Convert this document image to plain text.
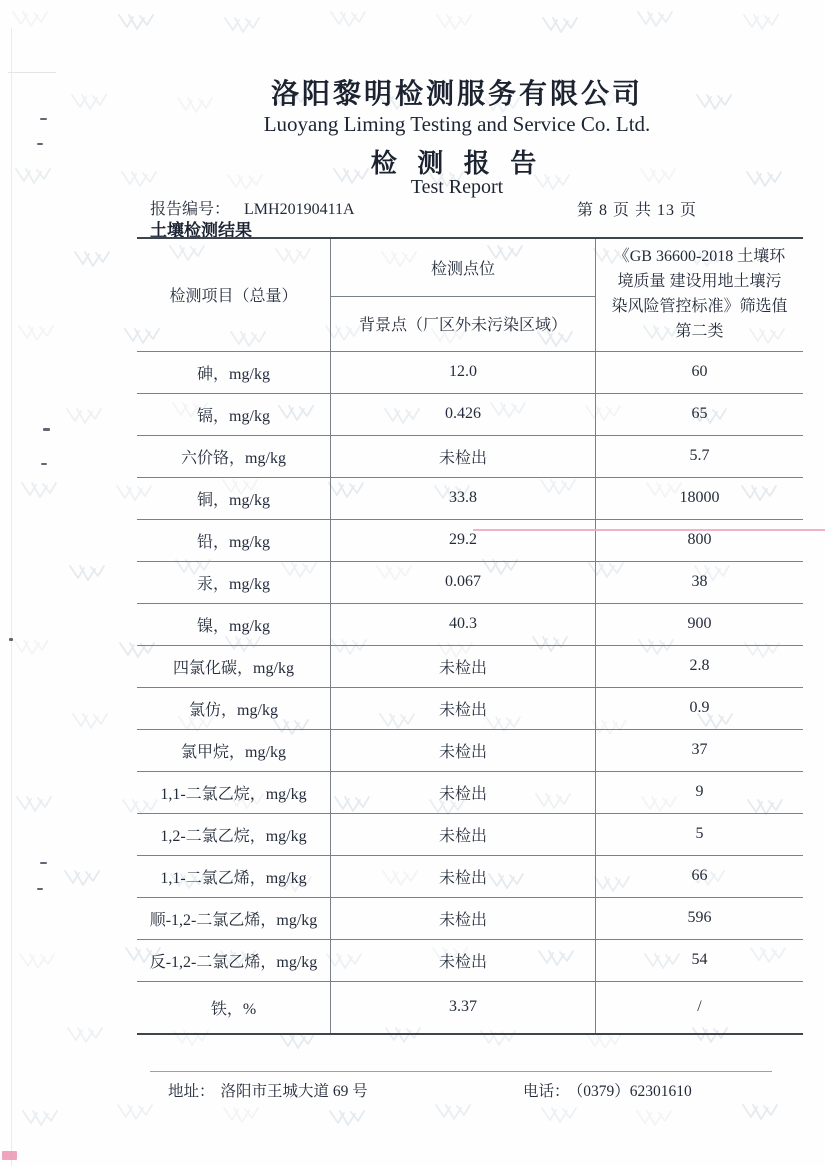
洛阳黎明检测服务有限公司
Luoyang Liming Testing and Service Co. Ltd.
检 测 报 告
Test Report
报告编号： LMH20190411A	第 8 页 共 13 页
土壤检测结果
检测项目（总量）	检测点位	《GB 36600-2018 土壤环
境质量 建设用地土壤污
染风险管控标准》筛选值
第二类

	背景点（厂区外未污染区域）	
砷，mg/kg	12.0	60
镉，mg/kg	0.426	65
六价铬，mg/kg	未检出	5.7
铜，mg/kg	33.8	18000
铅，mg/kg	29.2	800
汞，mg/kg	0.067	38
镍，mg/kg	40.3	900
四氯化碳，mg/kg	未检出	2.8
氯仿，mg/kg	未检出	0.9
氯甲烷，mg/kg	未检出	37
1,1-二氯乙烷，mg/kg	未检出	9
1,2-二氯乙烷，mg/kg	未检出	5
1,1-二氯乙烯，mg/kg	未检出	66
顺-1,2-二氯乙烯，mg/kg	未检出	596
反-1,2-二氯乙烯，mg/kg	未检出	54
铁，%	3.37	/
地址： 洛阳市王城大道 69 号	电话： （0379）62301610
